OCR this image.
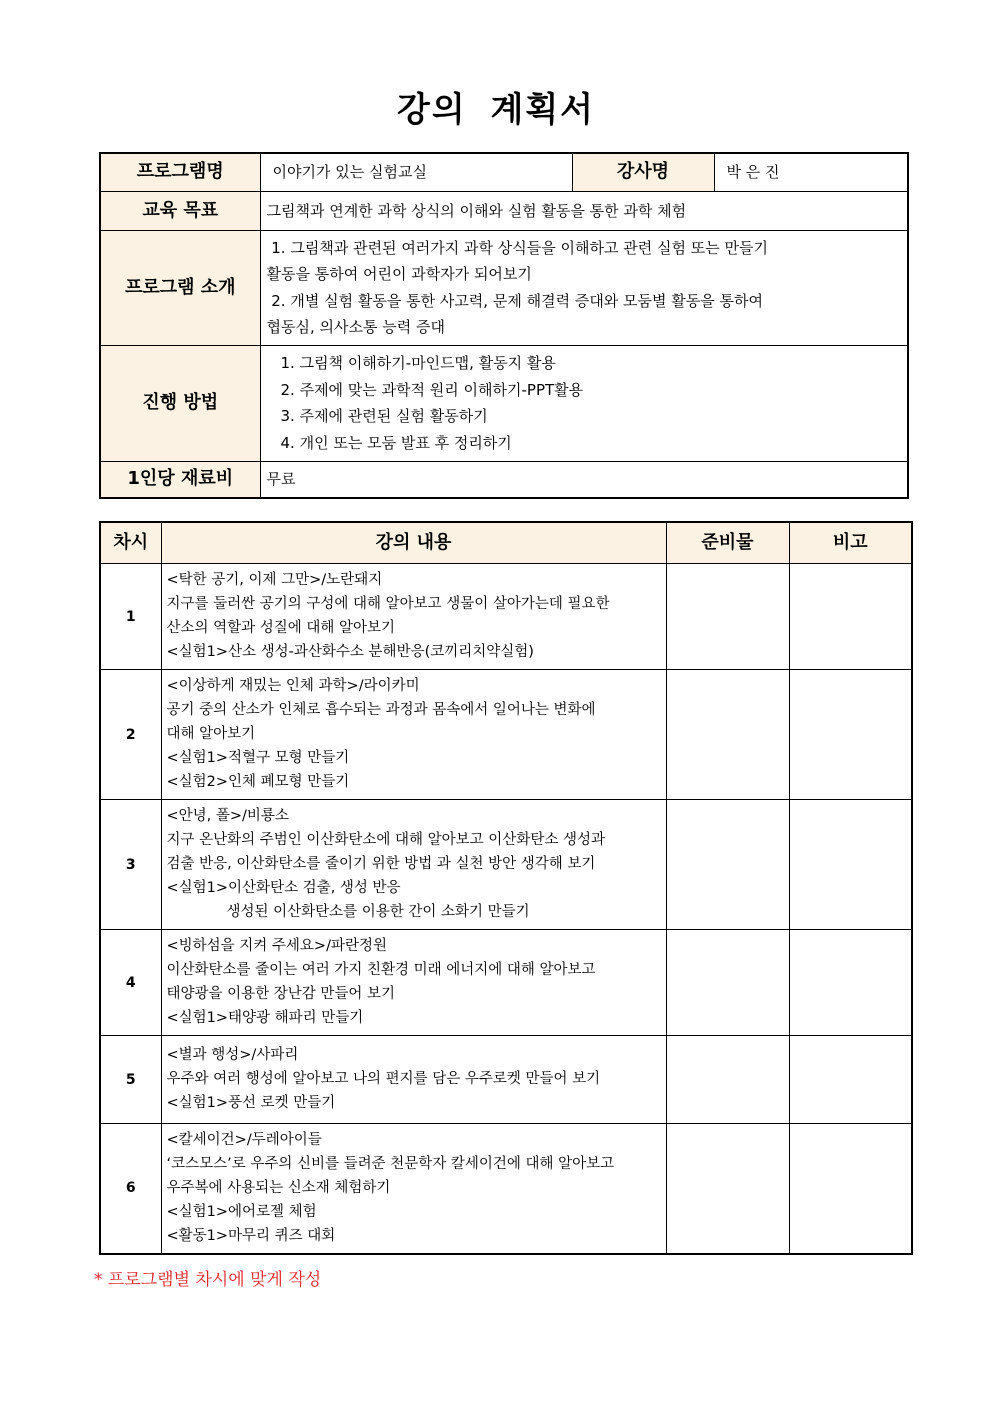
강의 계획서
프로그램명	이야기가 있는 실험교실	강사명	박 은 진
교육 목표	그림책과 연계한 과학 상식의 이해와 실험 활동을 통한 과학 체험		
프로그램 소개	1. 그림책과 관련된 여러가지 과학 상식들을 이해하고 관련 실험 또는 만들기
활동을 통하여 어린이 과학자가 되어보기
2. 개별 실험 활동을 통한 사고력, 문제 해결력 증대와 모둠별 활동을 통하여
협동심, 의사소통 능력 증대		

진행 방법	1. 그림책 이해하기-마인드맵, 활동지 활용
2. 주제에 맞는 과학적 원리 이해하기-PPT활용
3. 주제에 관련된 실험 활동하기
4. 개인 또는 모둠 발표 후 정리하기		

1인당 재료비	무료		
차시	강의 내용	준비물	비고
1	<탁한 공기, 이제 그만>/노란돼지
지구를 둘러싼 공기의 구성에 대해 알아보고 생물이 살아가는데 필요한
산소의 역할과 성질에 대해 알아보기
<실험1>산소 생성-과산화수소 분해반응(코끼리치약실험)		

2	<이상하게 재밌는 인체 과학>/라이카미
공기 중의 산소가 인체로 흡수되는 과정과 몸속에서 일어나는 변화에
대해 알아보기
<실험1>적혈구 모형 만들기
<실험2>인체 폐모형 만들기		

3	<안녕, 폴>/비룡소
지구 온난화의 주범인 이산화탄소에 대해 알아보고 이산화탄소 생성과
검출 반응, 이산화탄소를 줄이기 위한 방법 과 실천 방안 생각해 보기
<실험1>이산화탄소 검출, 생성 반응
생성된 이산화탄소를 이용한 간이 소화기 만들기		

4	<빙하섬을 지켜 주세요>/파란정원
이산화탄소를 줄이는 여러 가지 친환경 미래 에너지에 대해 알아보고
태양광을 이용한 장난감 만들어 보기
<실험1>태양광 해파리 만들기		

5	<별과 행성>/사파리
우주와 여러 행성에 알아보고 나의 편지를 담은 우주로켓 만들어 보기
<실험1>풍선 로켓 만들기		

6	<칼세이건>/두레아이들
‘코스모스’로 우주의 신비를 들려준 천문학자 칼세이건에 대해 알아보고
우주복에 사용되는 신소재 체험하기
<실험1>에어로젤 체험
<활동1>마무리 퀴즈 대회		

* 프로그램별 차시에 맞게 작성
